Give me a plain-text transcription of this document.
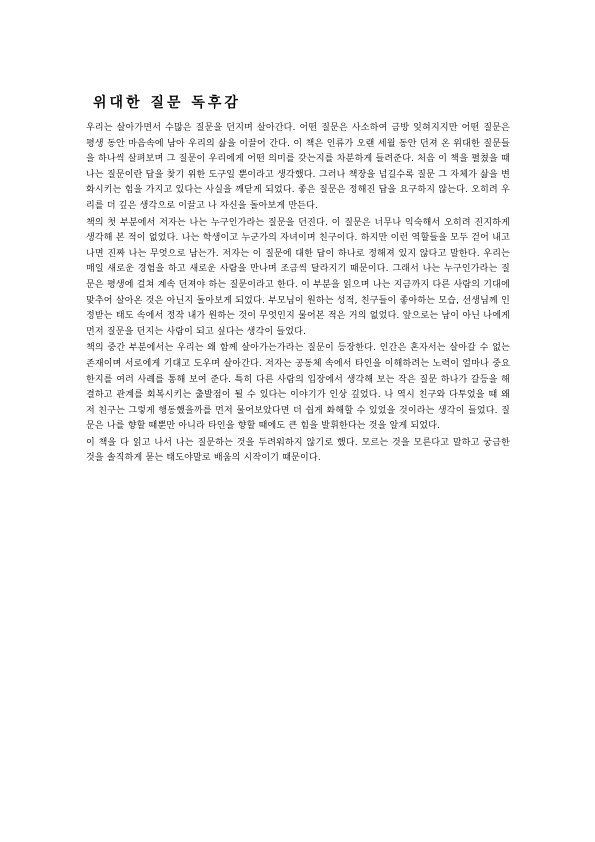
위대한 질문 독후감

우리는 살아가면서 수많은 질문을 던지며 살아간다. 어떤 질문은 사소하여 금방 잊혀지지만 어떤 질문은 평생 동안 마음속에 남아 우리의 삶을 이끌어 간다. 이 책은 인류가 오랜 세월 동안 던져 온 위대한 질문들을 하나씩 살펴보며 그 질문이 우리에게 어떤 의미를 갖는지를 차분하게 들려준다. 처음 이 책을 펼쳤을 때 나는 질문이란 답을 찾기 위한 도구일 뿐이라고 생각했다. 그러나 책장을 넘길수록 질문 그 자체가 삶을 변화시키는 힘을 가지고 있다는 사실을 깨닫게 되었다. 좋은 질문은 정해진 답을 요구하지 않는다. 오히려 우리를 더 깊은 생각으로 이끌고 나 자신을 돌아보게 만든다.

책의 첫 부분에서 저자는 나는 누구인가라는 질문을 던진다. 이 질문은 너무나 익숙해서 오히려 진지하게 생각해 본 적이 없었다. 나는 학생이고 누군가의 자녀이며 친구이다. 하지만 이런 역할들을 모두 걷어 내고 나면 진짜 나는 무엇으로 남는가. 저자는 이 질문에 대한 답이 하나로 정해져 있지 않다고 말한다. 우리는 매일 새로운 경험을 하고 새로운 사람을 만나며 조금씩 달라지기 때문이다. 그래서 나는 누구인가라는 질문은 평생에 걸쳐 계속 던져야 하는 질문이라고 한다. 이 부분을 읽으며 나는 지금까지 다른 사람의 기대에 맞추어 살아온 것은 아닌지 돌아보게 되었다. 부모님이 원하는 성적, 친구들이 좋아하는 모습, 선생님께 인정받는 태도 속에서 정작 내가 원하는 것이 무엇인지 물어본 적은 거의 없었다. 앞으로는 남이 아닌 나에게 먼저 질문을 던지는 사람이 되고 싶다는 생각이 들었다.

책의 중간 부분에서는 우리는 왜 함께 살아가는가라는 질문이 등장한다. 인간은 혼자서는 살아갈 수 없는 존재이며 서로에게 기대고 도우며 살아간다. 저자는 공동체 속에서 타인을 이해하려는 노력이 얼마나 중요한지를 여러 사례를 통해 보여 준다. 특히 다른 사람의 입장에서 생각해 보는 작은 질문 하나가 갈등을 해결하고 관계를 회복시키는 출발점이 될 수 있다는 이야기가 인상 깊었다. 나 역시 친구와 다투었을 때 왜 저 친구는 그렇게 행동했을까를 먼저 물어보았다면 더 쉽게 화해할 수 있었을 것이라는 생각이 들었다. 질문은 나를 향할 때뿐만 아니라 타인을 향할 때에도 큰 힘을 발휘한다는 것을 알게 되었다.

이 책을 다 읽고 나서 나는 질문하는 것을 두려워하지 않기로 했다. 모르는 것을 모른다고 말하고 궁금한 것을 솔직하게 묻는 태도야말로 배움의 시작이기 때문이다.
